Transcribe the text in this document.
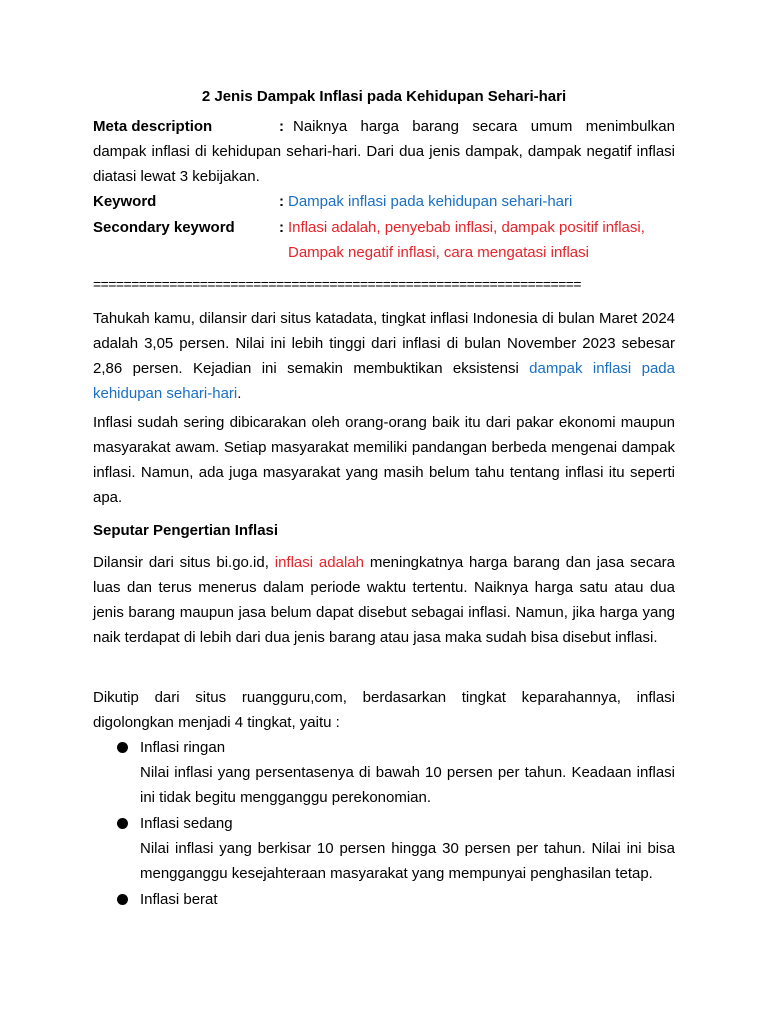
2 Jenis Dampak Inflasi pada Kehidupan Sehari-hari
Meta description	: Naiknya harga barang secara umum menimbulkan
dampak inflasi di kehidupan sehari-hari. Dari dua jenis dampak, dampak negatif inflasi diatasi lewat 3 kebijakan.
Keyword	: Dampak inflasi pada kehidupan sehari-hari
Secondary keyword	: Inflasi adalah, penyebab inflasi, dampak positif inflasi,
Dampak negatif inflasi, cara mengatasi inflasi
================================================================
Tahukah kamu, dilansir dari situs katadata, tingkat inflasi Indonesia di bulan Maret 2024 adalah 3,05 persen. Nilai ini lebih tinggi dari inflasi di bulan November 2023 sebesar 2,86 persen. Kejadian ini semakin membuktikan eksistensi dampak inflasi pada kehidupan sehari-hari.
Inflasi sudah sering dibicarakan oleh orang-orang baik itu dari pakar ekonomi maupun masyarakat awam. Setiap masyarakat memiliki pandangan berbeda mengenai dampak inflasi. Namun, ada juga masyarakat yang masih belum tahu tentang inflasi itu seperti apa.
Seputar Pengertian Inflasi
Dilansir dari situs bi.go.id, inflasi adalah meningkatnya harga barang dan jasa secara luas dan terus menerus dalam periode waktu tertentu. Naiknya harga satu atau dua jenis barang maupun jasa belum dapat disebut sebagai inflasi. Namun, jika harga yang naik terdapat di lebih dari dua jenis barang atau jasa maka sudah bisa disebut inflasi.
Dikutip dari situs ruangguru,com, berdasarkan tingkat keparahannya, inflasi digolongkan menjadi 4 tingkat, yaitu :
Inflasi ringan
Nilai inflasi yang persentasenya di bawah 10 persen per tahun. Keadaan inflasi ini tidak begitu mengganggu perekonomian.
Inflasi sedang
Nilai inflasi yang berkisar 10 persen hingga 30 persen per tahun. Nilai ini bisa mengganggu kesejahteraan masyarakat yang mempunyai penghasilan tetap.
Inflasi berat
